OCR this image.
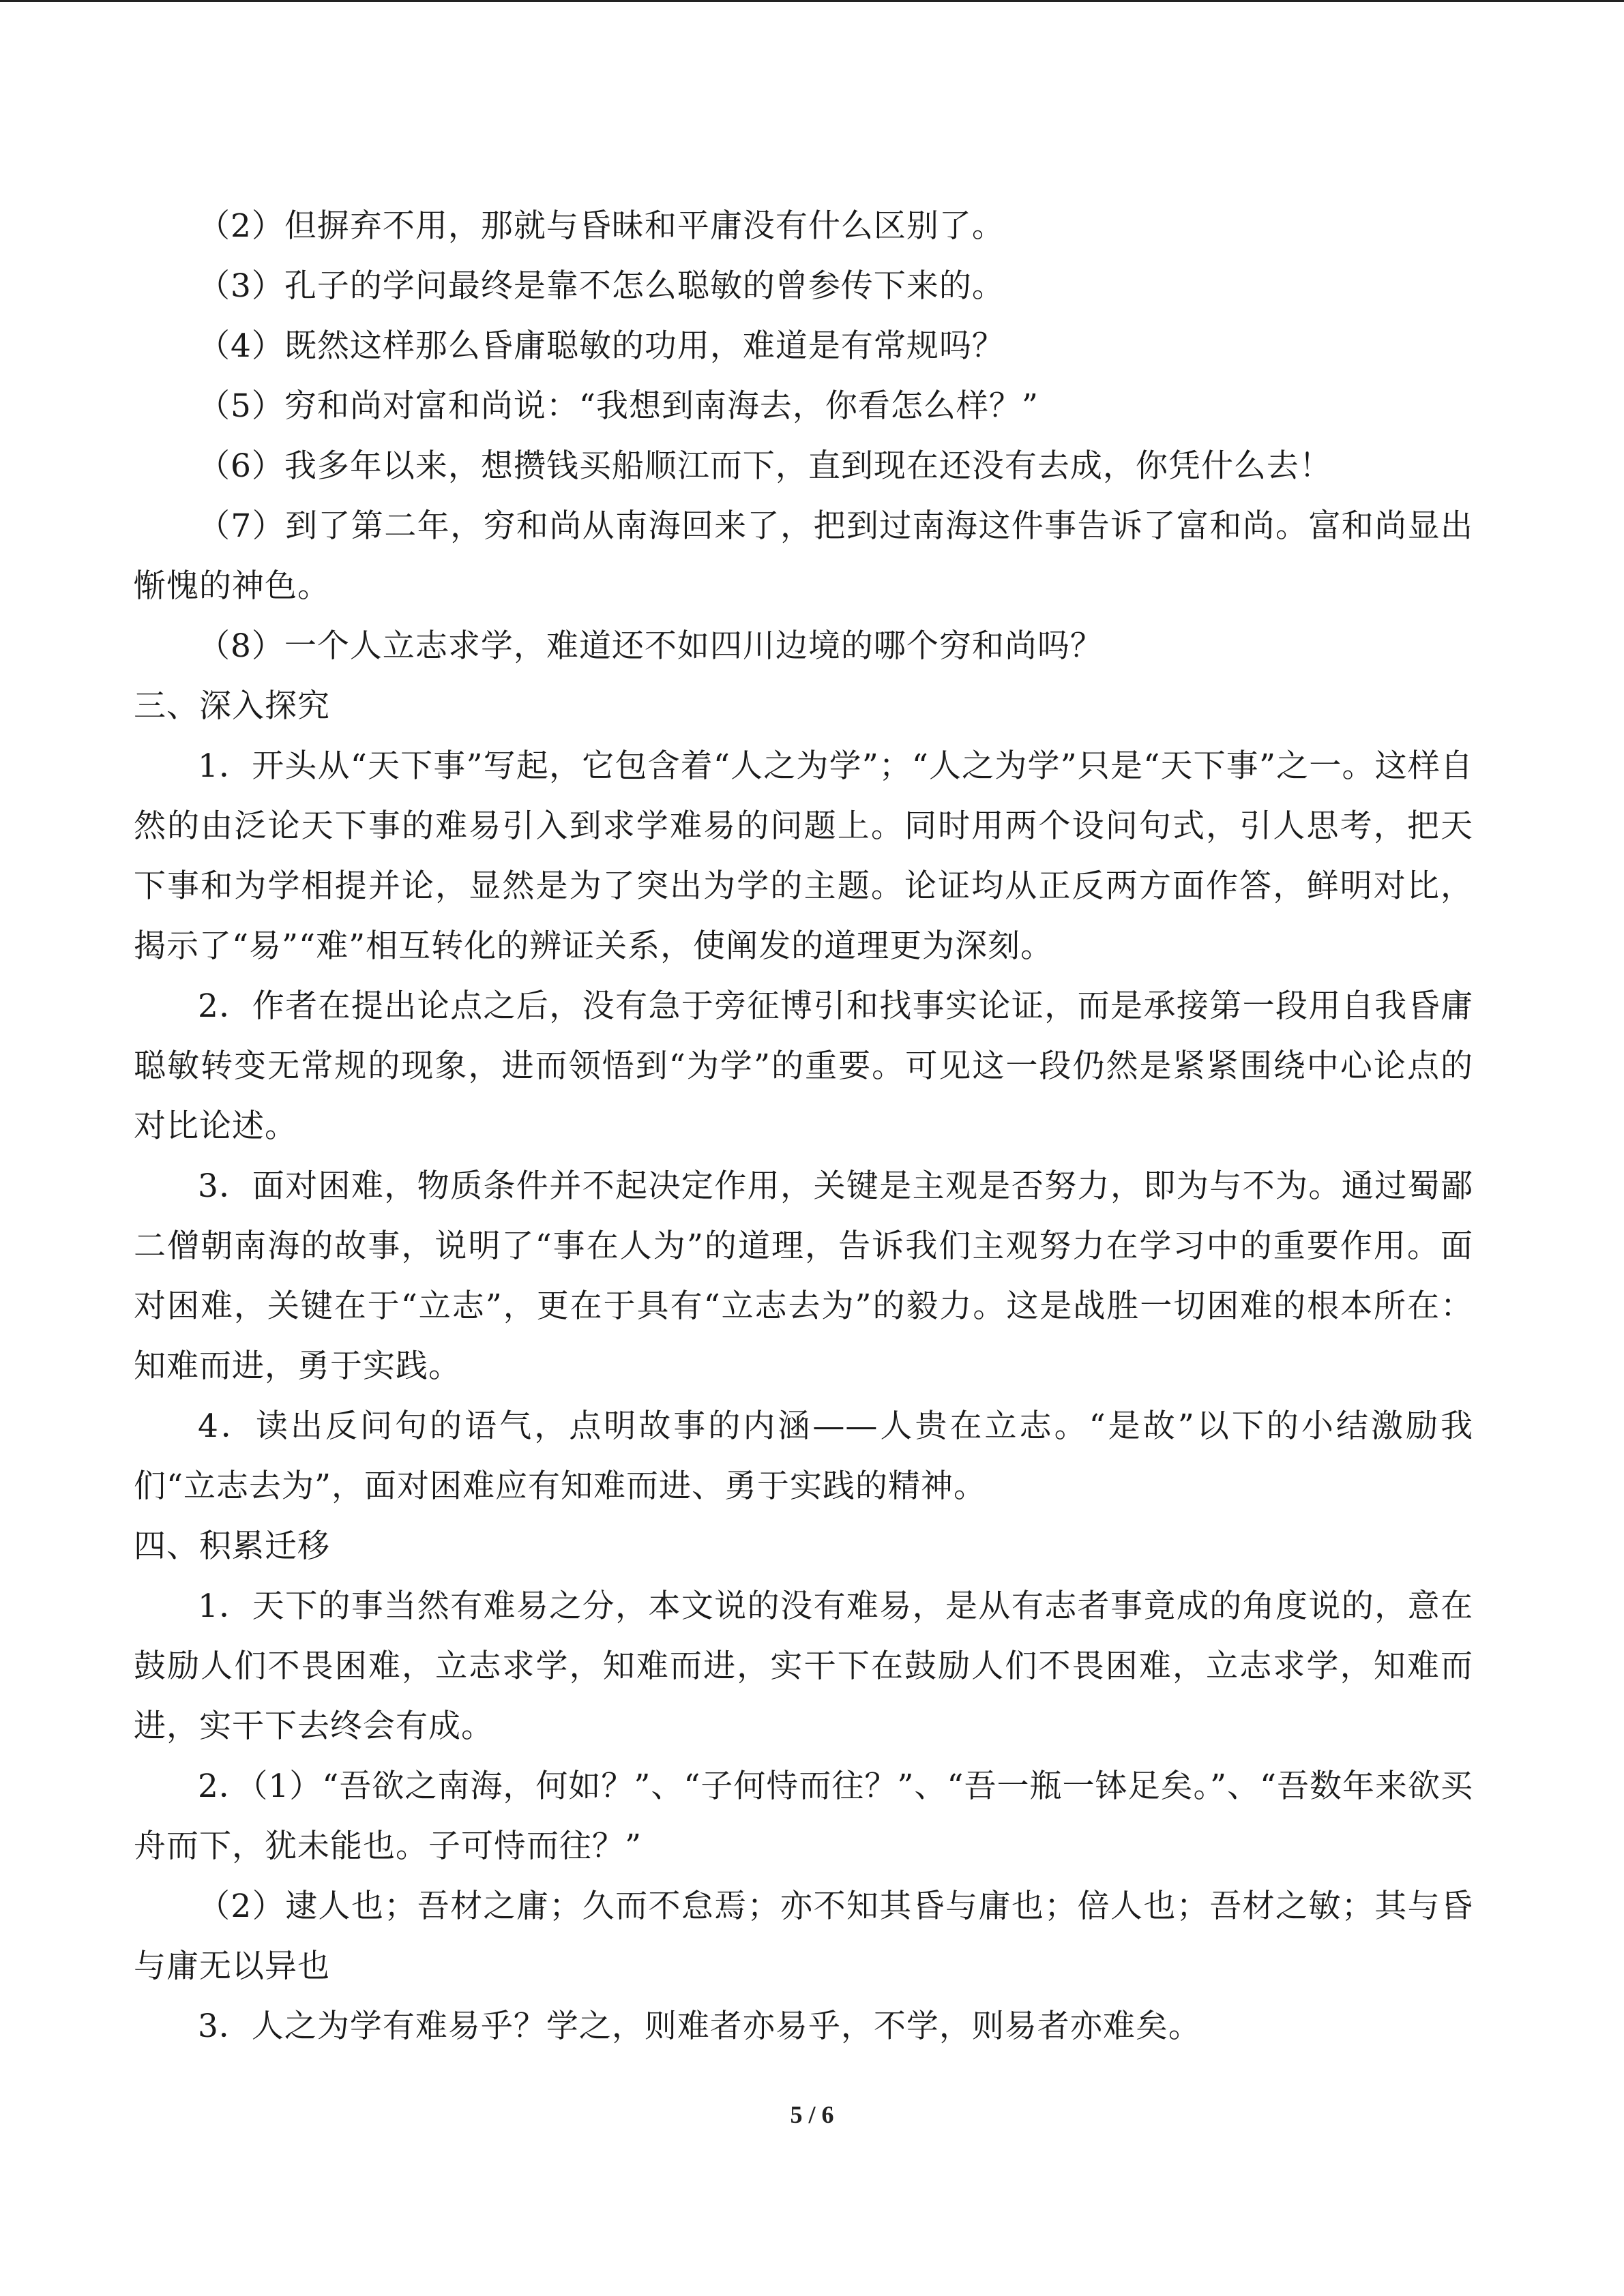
（2）但摒弃不用，那就与昏昧和平庸没有什么区别了。

（3）孔子的学问最终是靠不怎么聪敏的曾参传下来的。

（4）既然这样那么昏庸聪敏的功用，难道是有常规吗？

（5）穷和尚对富和尚说：“我想到南海去，你看怎么样？”

（6）我多年以来，想攒钱买船顺江而下，直到现在还没有去成，你凭什么去！

（7）到了第二年，穷和尚从南海回来了，把到过南海这件事告诉了富和尚。富和尚显出惭愧的神色。

（8）一个人立志求学，难道还不如四川边境的哪个穷和尚吗？

三、深入探究

1．开头从“天下事”写起，它包含着“人之为学”；“人之为学”只是“天下事”之一。这样自然的由泛论天下事的难易引入到求学难易的问题上。同时用两个设问句式，引人思考，把天下事和为学相提并论，显然是为了突出为学的主题。论证均从正反两方面作答，鲜明对比，揭示了“易”“难”相互转化的辨证关系，使阐发的道理更为深刻。

2．作者在提出论点之后，没有急于旁征博引和找事实论证，而是承接第一段用自我昏庸聪敏转变无常规的现象，进而领悟到“为学”的重要。可见这一段仍然是紧紧围绕中心论点的对比论述。

3．面对困难，物质条件并不起决定作用，关键是主观是否努力，即为与不为。通过蜀鄙二僧朝南海的故事，说明了“事在人为”的道理，告诉我们主观努力在学习中的重要作用。面对困难，关键在于“立志”，更在于具有“立志去为”的毅力。这是战胜一切困难的根本所在：知难而进，勇于实践。

4．读出反问句的语气，点明故事的内涵——人贵在立志。“是故”以下的小结激励我们“立志去为”，面对困难应有知难而进、勇于实践的精神。

四、积累迁移

1．天下的事当然有难易之分，本文说的没有难易，是从有志者事竟成的角度说的，意在鼓励人们不畏困难，立志求学，知难而进，实干下在鼓励人们不畏困难，立志求学，知难而进，实干下去终会有成。

2．（1）“吾欲之南海，何如？”、“子何恃而往？”、“吾一瓶一钵足矣。”、“吾数年来欲买舟而下，犹未能也。子可恃而往？”

（2）逮人也；吾材之庸；久而不怠焉；亦不知其昏与庸也；倍人也；吾材之敏；其与昏与庸无以异也

3．人之为学有难易乎？学之，则难者亦易乎，不学，则易者亦难矣。

5 / 6
